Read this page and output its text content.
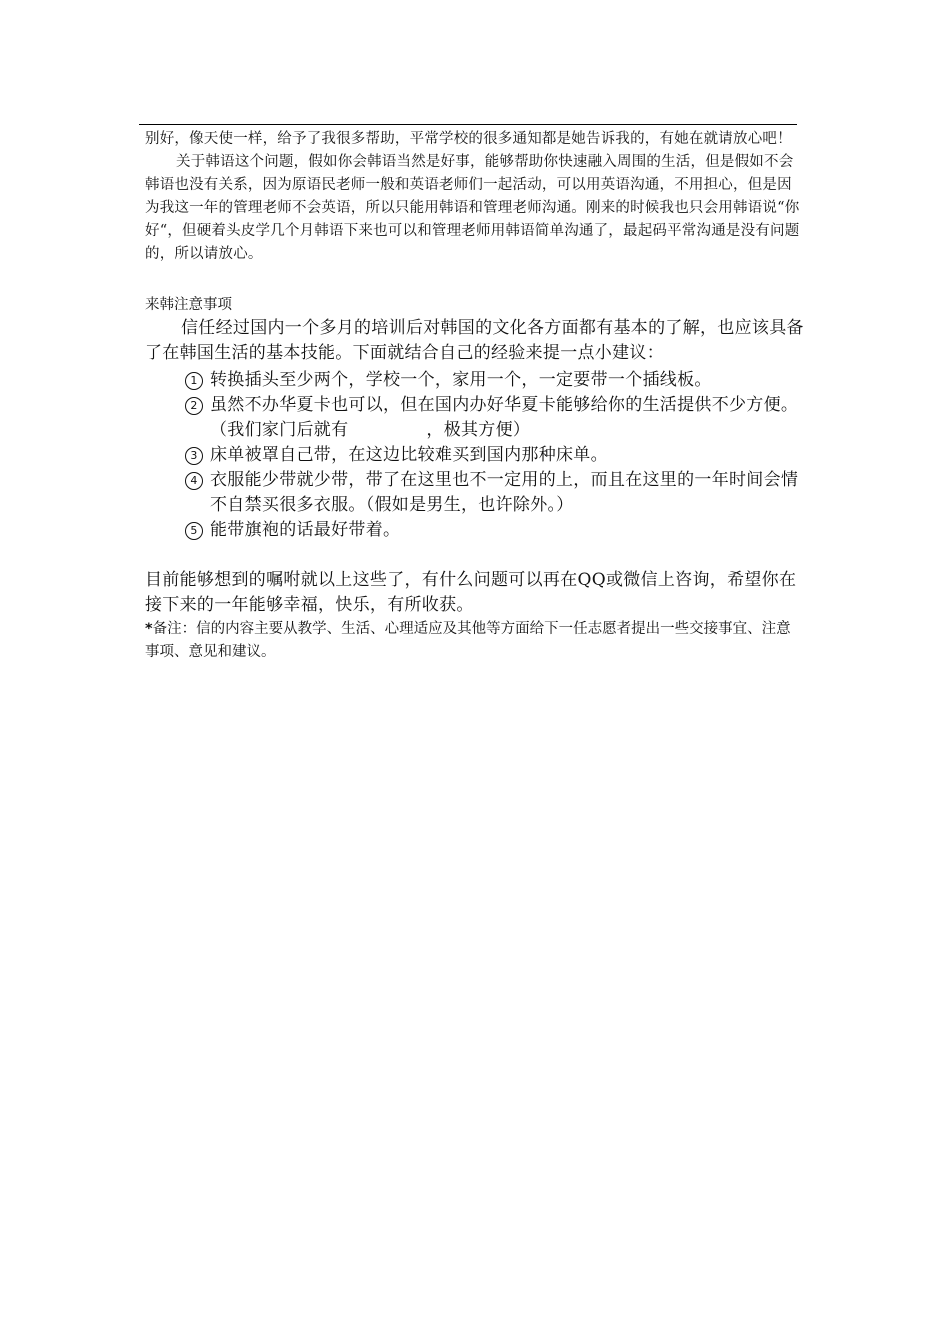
别好，像天使一样，给予了我很多帮助，平常学校的很多通知都是她告诉我的，有她在就请放心吧！

关于韩语这个问题，假如你会韩语当然是好事，能够帮助你快速融入周围的生活，但是假如不会韩语也没有关系，因为原语民老师一般和英语老师们一起活动，可以用英语沟通，不用担心，但是因为我这一年的管理老师不会英语，所以只能用韩语和管理老师沟通。刚来的时候我也只会用韩语说“你好“，但硬着头皮学几个月韩语下来也可以和管理老师用韩语简单沟通了，最起码平常沟通是没有问题的，所以请放心。

来韩注意事项

信任经过国内一个多月的培训后对韩国的文化各方面都有基本的了解，也应该具备了在韩国生活的基本技能。下面就结合自己的经验来提一点小建议：

1 转换插头至少两个，学校一个，家用一个，一定要带一个插线板。
2 虽然不办华夏卡也可以，但在国内办好华夏卡能够给你的生活提供不少方便。（我们家门后就有	，极其方便）
3 床单被罩自己带，在这边比较难买到国内那种床单。
4 衣服能少带就少带，带了在这里也不一定用的上，而且在这里的一年时间会情不自禁买很多衣服。（假如是男生，也许除外。）
5 能带旗袍的话最好带着。

目前能够想到的嘱咐就以上这些了，有什么问题可以再在QQ或微信上咨询，希望你在接下来的一年能够幸福，快乐，有所收获。

*备注：信的内容主要从教学、生活、心理适应及其他等方面给下一任志愿者提出一些交接事宜、注意事项、意见和建议。
